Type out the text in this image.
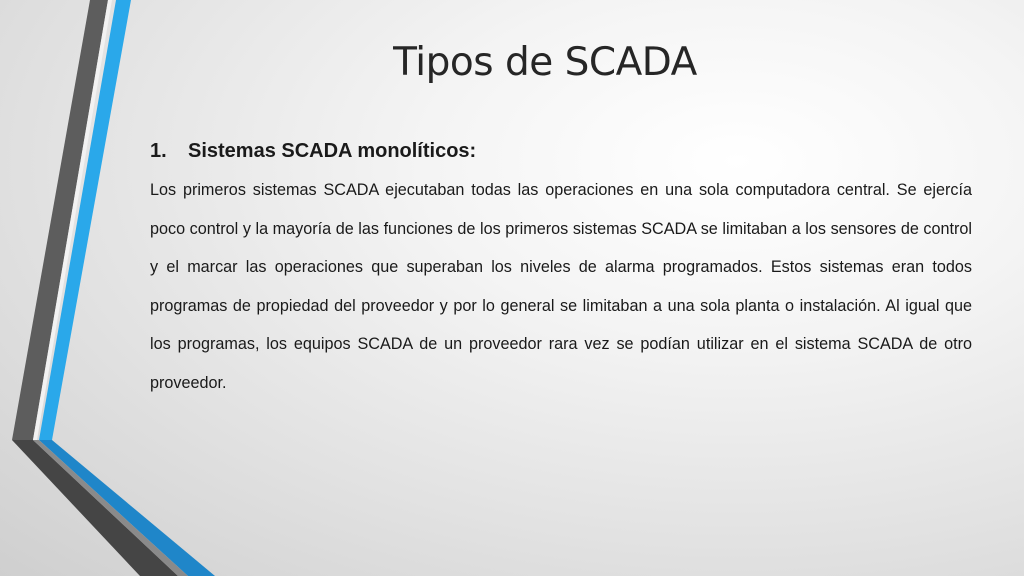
Tipos de SCADA
1.	Sistemas SCADA monolíticos:

Los primeros sistemas SCADA ejecutaban todas las operaciones en una sola computadora central. Se ejercía poco control y la mayoría de las funciones de los primeros sistemas SCADA se limitaban a los sensores de control y el marcar las operaciones que superaban los niveles de alarma programados. Estos sistemas eran todos programas de propiedad del proveedor y por lo general se limitaban a una sola planta o instalación. Al igual que los programas, los equipos SCADA de un proveedor rara vez se podían utilizar en el sistema SCADA de otro proveedor.
